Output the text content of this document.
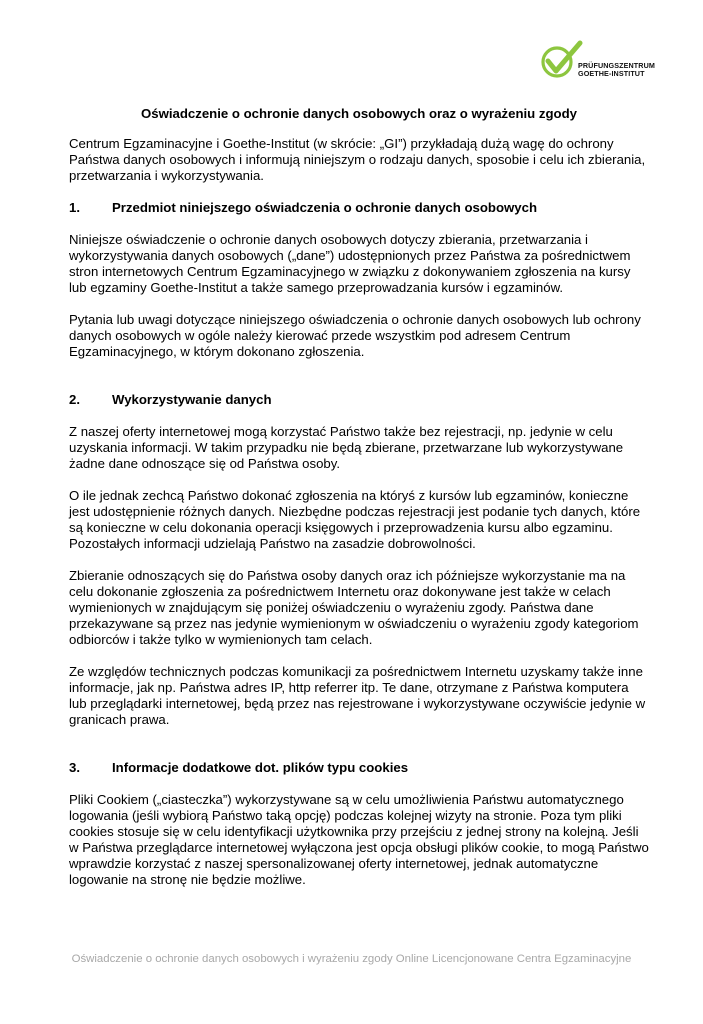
PRÜFUNGSZENTRUM
GOETHE-INSTITUT

Oświadczenie o ochronie danych osobowych oraz o wyrażeniu zgody

Centrum Egzaminacyjne i Goethe-Institut (w skrócie: „GI”) przykładają dużą wagę do ochrony Państwa danych osobowych i informują niniejszym o rodzaju danych, sposobie i celu ich zbierania, przetwarzania i wykorzystywania.

1.	Przedmiot niniejszego oświadczenia o ochronie danych osobowych

Niniejsze oświadczenie o ochronie danych osobowych dotyczy zbierania, przetwarzania i wykorzystywania danych osobowych („dane”) udostępnionych przez Państwa za pośrednictwem stron internetowych Centrum Egzaminacyjnego w związku z dokonywaniem zgłoszenia na kursy lub egzaminy Goethe-Institut a także samego przeprowadzania kursów i egzaminów.

Pytania lub uwagi dotyczące niniejszego oświadczenia o ochronie danych osobowych lub ochrony danych osobowych w ogóle należy kierować przede wszystkim pod adresem Centrum Egzaminacyjnego, w którym dokonano zgłoszenia.

2.	Wykorzystywanie danych

Z naszej oferty internetowej mogą korzystać Państwo także bez rejestracji, np. jedynie w celu uzyskania informacji. W takim przypadku nie będą zbierane, przetwarzane lub wykorzystywane żadne dane odnoszące się od Państwa osoby.

O ile jednak zechcą Państwo dokonać zgłoszenia na któryś z kursów lub egzaminów, konieczne jest udostępnienie różnych danych. Niezbędne podczas rejestracji jest podanie tych danych, które są konieczne w celu dokonania operacji księgowych i przeprowadzenia kursu albo egzaminu. Pozostałych informacji udzielają Państwo na zasadzie dobrowolności.

Zbieranie odnoszących się do Państwa osoby danych oraz ich późniejsze wykorzystanie ma na celu dokonanie zgłoszenia za pośrednictwem Internetu oraz dokonywane jest także w celach wymienionych w znajdującym się poniżej oświadczeniu o wyrażeniu zgody. Państwa dane przekazywane są przez nas jedynie wymienionym w oświadczeniu o wyrażeniu zgody kategoriom odbiorców i także tylko w wymienionych tam celach.

Ze względów technicznych podczas komunikacji za pośrednictwem Internetu uzyskamy także inne informacje, jak np. Państwa adres IP, http referrer itp. Te dane, otrzymane z Państwa komputera lub przeglądarki internetowej, będą przez nas rejestrowane i wykorzystywane oczywiście jedynie w granicach prawa.

3.	Informacje dodatkowe dot. plików typu cookies

Pliki Cookiem („ciasteczka”) wykorzystywane są w celu umożliwienia Państwu automatycznego logowania (jeśli wybiorą Państwo taką opcję) podczas kolejnej wizyty na stronie. Poza tym pliki cookies stosuje się w celu identyfikacji użytkownika przy przejściu z jednej strony na kolejną. Jeśli w Państwa przeglądarce internetowej wyłączona jest opcja obsługi plików cookie, to mogą Państwo wprawdzie korzystać z naszej spersonalizowanej oferty internetowej, jednak automatyczne logowanie na stronę nie będzie możliwe.

Oświadczenie o ochronie danych osobowych i wyrażeniu zgody Online Licencjonowane Centra Egzaminacyjne
